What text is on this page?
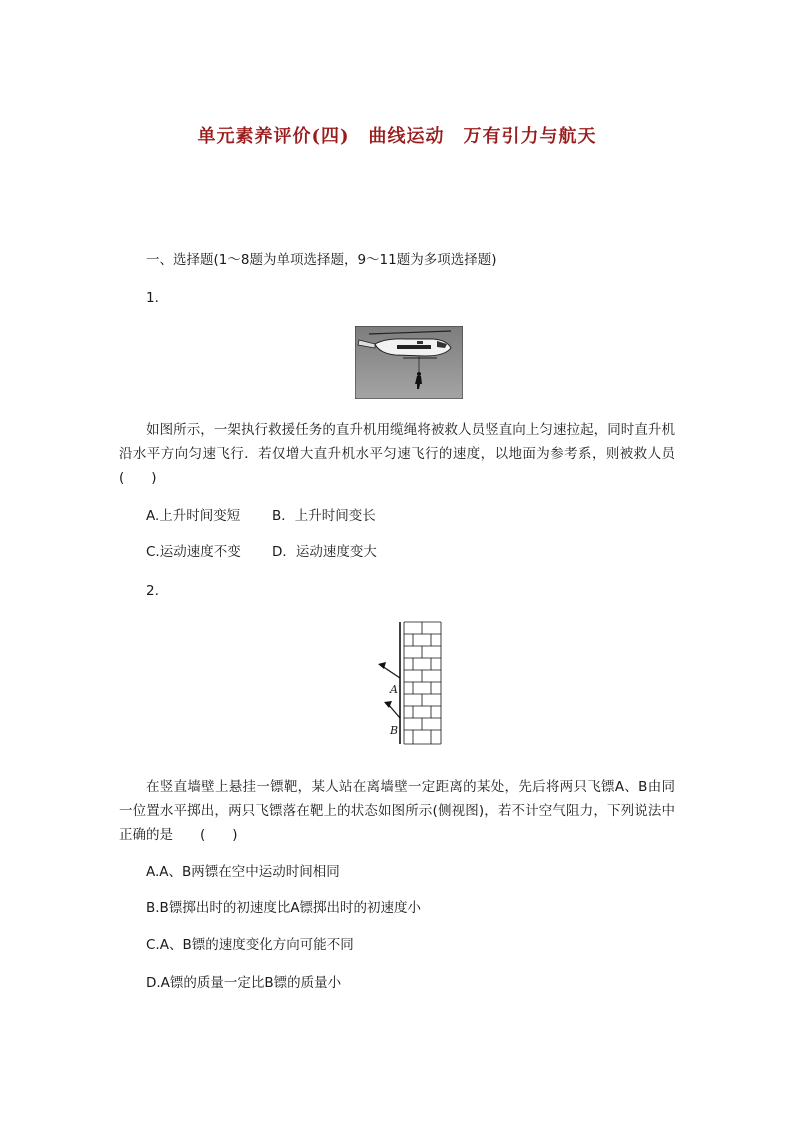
单元素养评价(四)　曲线运动　万有引力与航天
一、选择题(1～8题为单项选择题，9～11题为多项选择题)
1.
如图所示，一架执行救援任务的直升机用缆绳将被救人员竖直向上匀速拉起，同时直升机沿水平方向匀速飞行．若仅增大直升机水平匀速飞行的速度，以地面为参考系，则被救人员(　　)
A.上升时间变短 B．上升时间变长
C.运动速度不变 D．运动速度变大
2.
A
B
在竖直墙壁上悬挂一镖靶，某人站在离墙壁一定距离的某处，先后将两只飞镖A、B由同一位置水平掷出，两只飞镖落在靶上的状态如图所示(侧视图)，若不计空气阻力，下列说法中正确的是　　(　　)
A.A、B两镖在空中运动时间相同
B.B镖掷出时的初速度比A镖掷出时的初速度小
C.A、B镖的速度变化方向可能不同
D.A镖的质量一定比B镖的质量小
